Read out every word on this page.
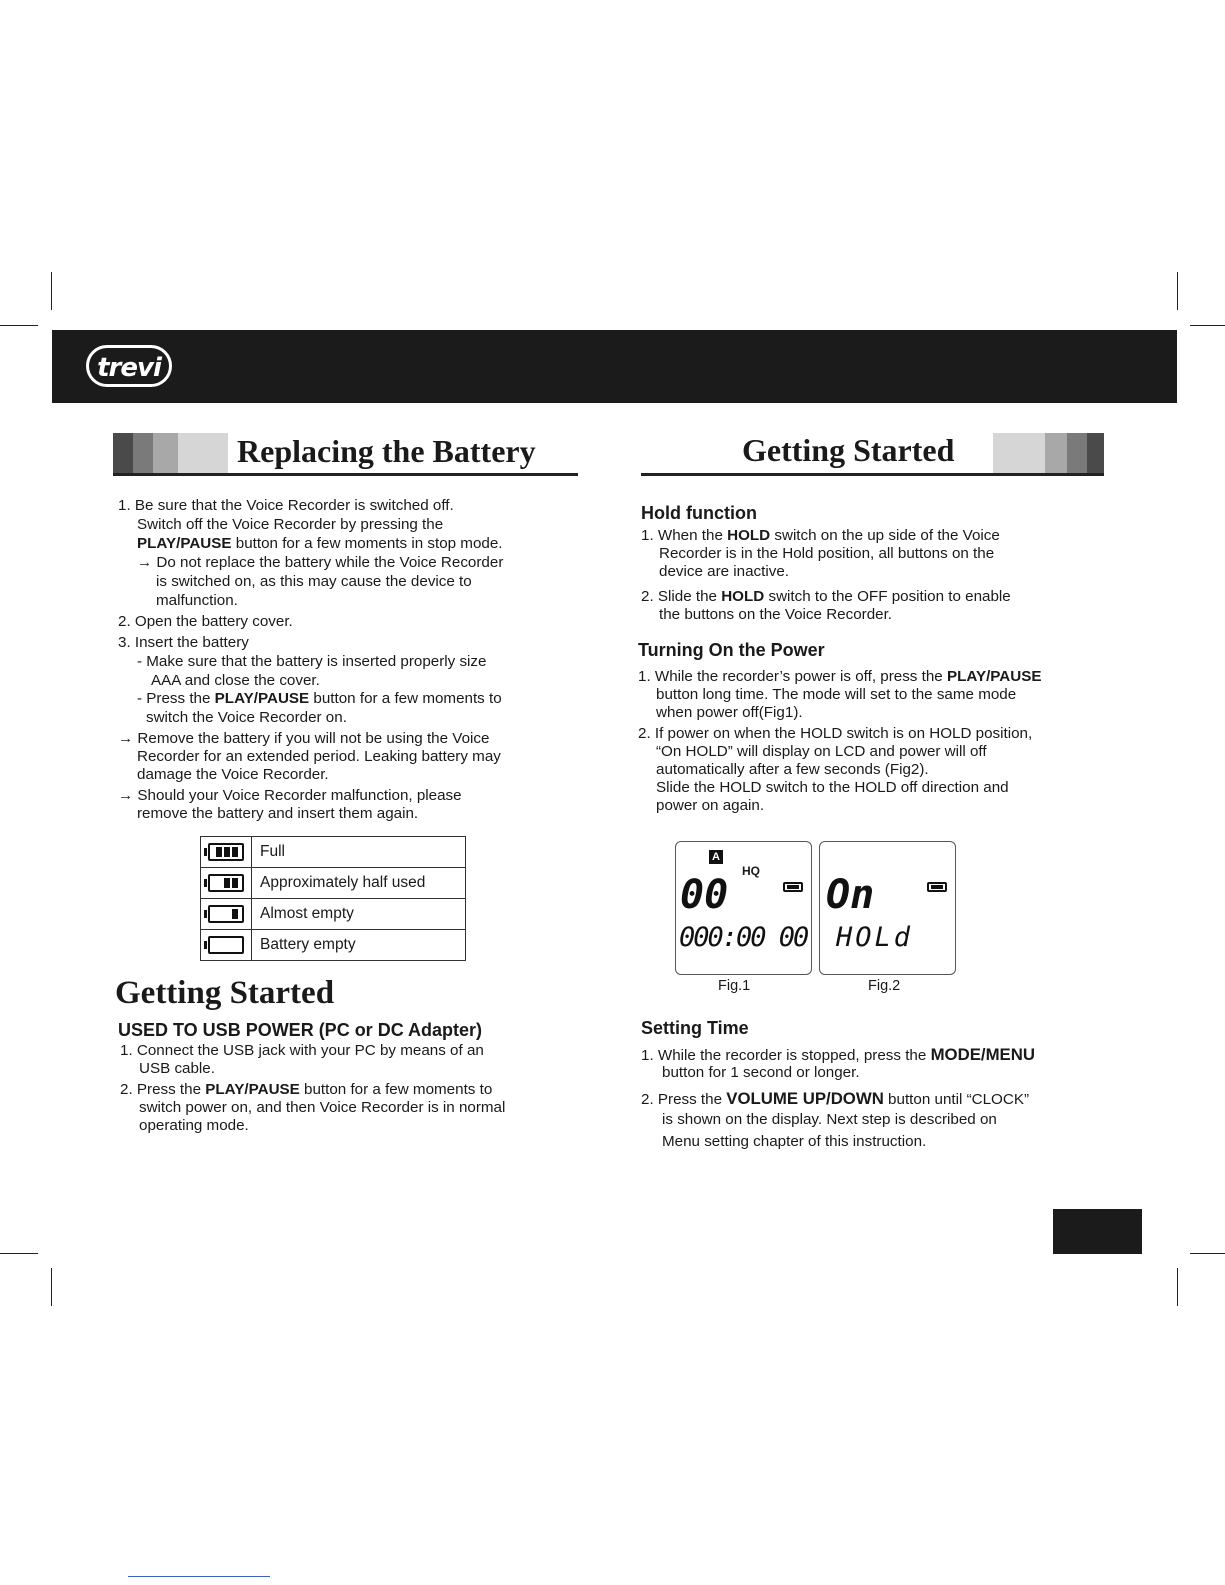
trevi
Replacing the Battery
1. Be sure that the Voice Recorder is switched off.
Switch off the Voice Recorder by pressing the
PLAY/PAUSE button for a few moments in stop mode.
→ Do not replace the battery while the Voice Recorder
is switched on, as this may cause the device to
malfunction.
2. Open the battery cover.
3. Insert the battery
- Make sure that the battery is inserted properly size
AAA and close the cover.
- Press the PLAY/PAUSE button for a few moments to
switch the Voice Recorder on.
→ Remove the battery if you will not be using the Voice
Recorder for an extended period. Leaking battery may
damage the Voice Recorder.
→ Should your Voice Recorder malfunction, please
remove the battery and insert them again.
	Full

	Approximately half used

	Almost empty
	Battery empty
Getting Started
USED TO USB POWER (PC or DC Adapter)
1. Connect the USB jack with your PC by means of an
USB cable.
2. Press the PLAY/PAUSE button for a few moments to
switch power on, and then Voice Recorder is in normal
operating mode.
Getting Started
Hold function
1. When the HOLD switch on the up side of the Voice
Recorder is in the Hold position, all buttons on the
device are inactive.
2. Slide the HOLD switch to the OFF position to enable
the buttons on the Voice Recorder.
Turning On the Power
1. While the recorder’s power is off, press the PLAY/PAUSE
button long time. The mode will set to the same mode
when power off(Fig1).
2. If power on when the HOLD switch is on HOLD position,
“On HOLD” will display on LCD and power will off
automatically after a few seconds (Fig2).
Slide the HOLD switch to the HOLD off direction and
power on again.
A
HQ
00
000:00 00
Fig.1
On
HOLd
Fig.2
Setting Time
1. While the recorder is stopped, press the MODE/MENU
button for 1 second or longer.
2. Press the VOLUME UP/DOWN button until “CLOCK”
is shown on the display. Next step is described on
Menu setting chapter of this instruction.
